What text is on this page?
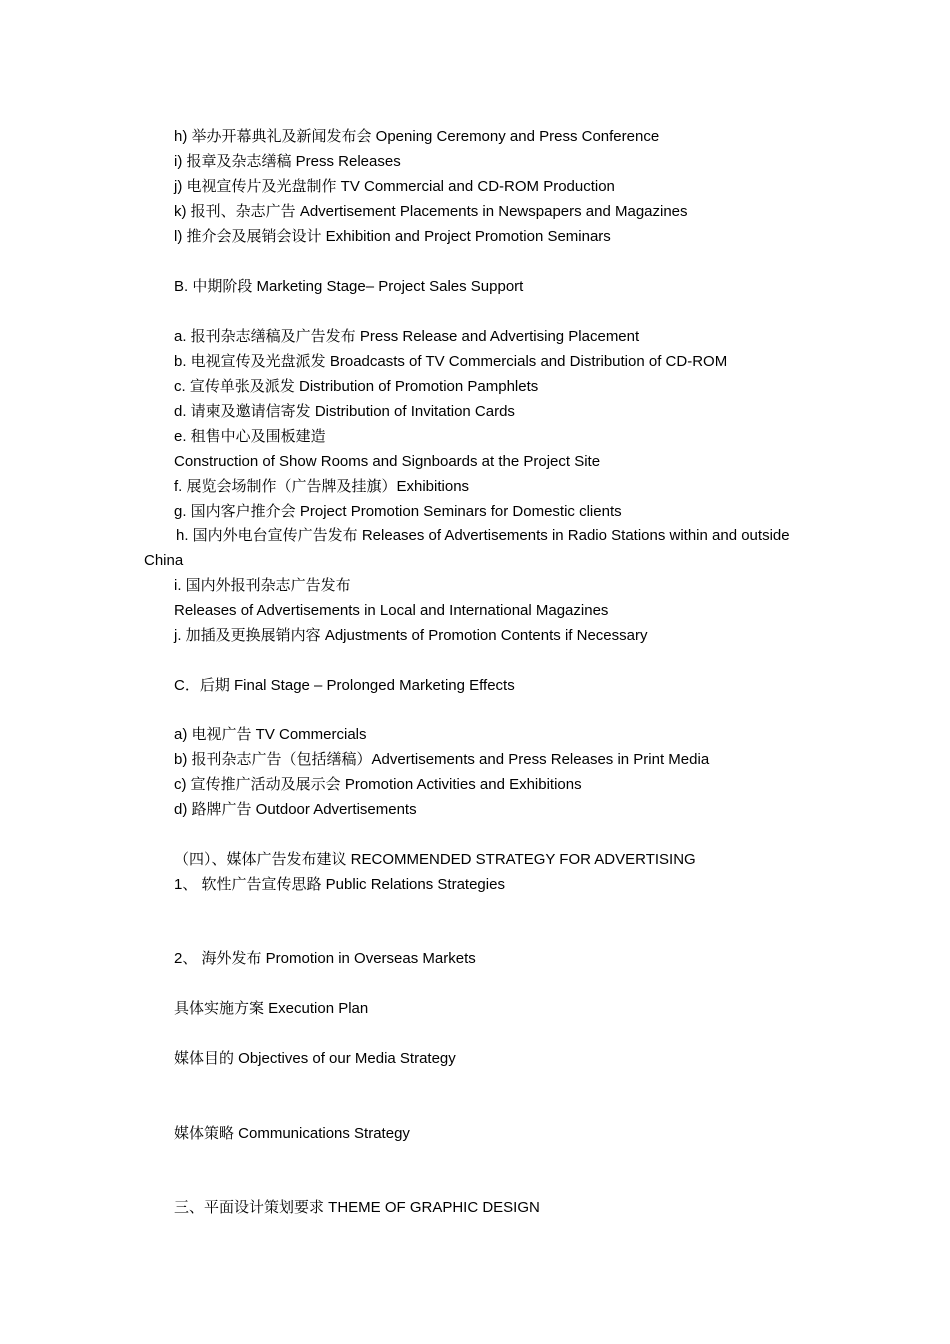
h) 举办开幕典礼及新闻发布会 Opening Ceremony and Press Conference
i) 报章及杂志缮稿 Press Releases
j) 电视宣传片及光盘制作 TV Commercial and CD-ROM Production
k) 报刊、杂志广告 Advertisement Placements in Newspapers and Magazines
l) 推介会及展销会设计 Exhibition and Project Promotion Seminars
B. 中期阶段 Marketing Stage– Project Sales Support
a. 报刊杂志缮稿及广告发布 Press Release and Advertising Placement
b. 电视宣传及光盘派发 Broadcasts of TV Commercials and Distribution of CD-ROM
c. 宣传单张及派发 Distribution of Promotion Pamphlets
d. 请柬及邀请信寄发 Distribution of Invitation Cards
e. 租售中心及围板建造
Construction of Show Rooms and Signboards at the Project Site
f. 展览会场制作（广告牌及挂旗）Exhibitions
g. 国内客户推介会 Project Promotion Seminars for Domestic clients
h. 国内外电台宣传广告发布 Releases of Advertisements in Radio Stations within and outside
China
i. 国内外报刊杂志广告发布
Releases of Advertisements in Local and International Magazines
j. 加插及更换展销内容 Adjustments of Promotion Contents if Necessary
C．后期 Final Stage – Prolonged Marketing Effects
a) 电视广告 TV Commercials
b) 报刊杂志广告（包括缮稿）Advertisements and Press Releases in Print Media
c) 宣传推广活动及展示会 Promotion Activities and Exhibitions
d) 路牌广告 Outdoor Advertisements
（四）、媒体广告发布建议 RECOMMENDED STRATEGY FOR ADVERTISING
1、 软性广告宣传思路 Public Relations Strategies
2、 海外发布 Promotion in Overseas Markets
具体实施方案 Execution Plan
媒体目的 Objectives of our Media Strategy
媒体策略 Communications Strategy
三、平面设计策划要求 THEME OF GRAPHIC DESIGN
